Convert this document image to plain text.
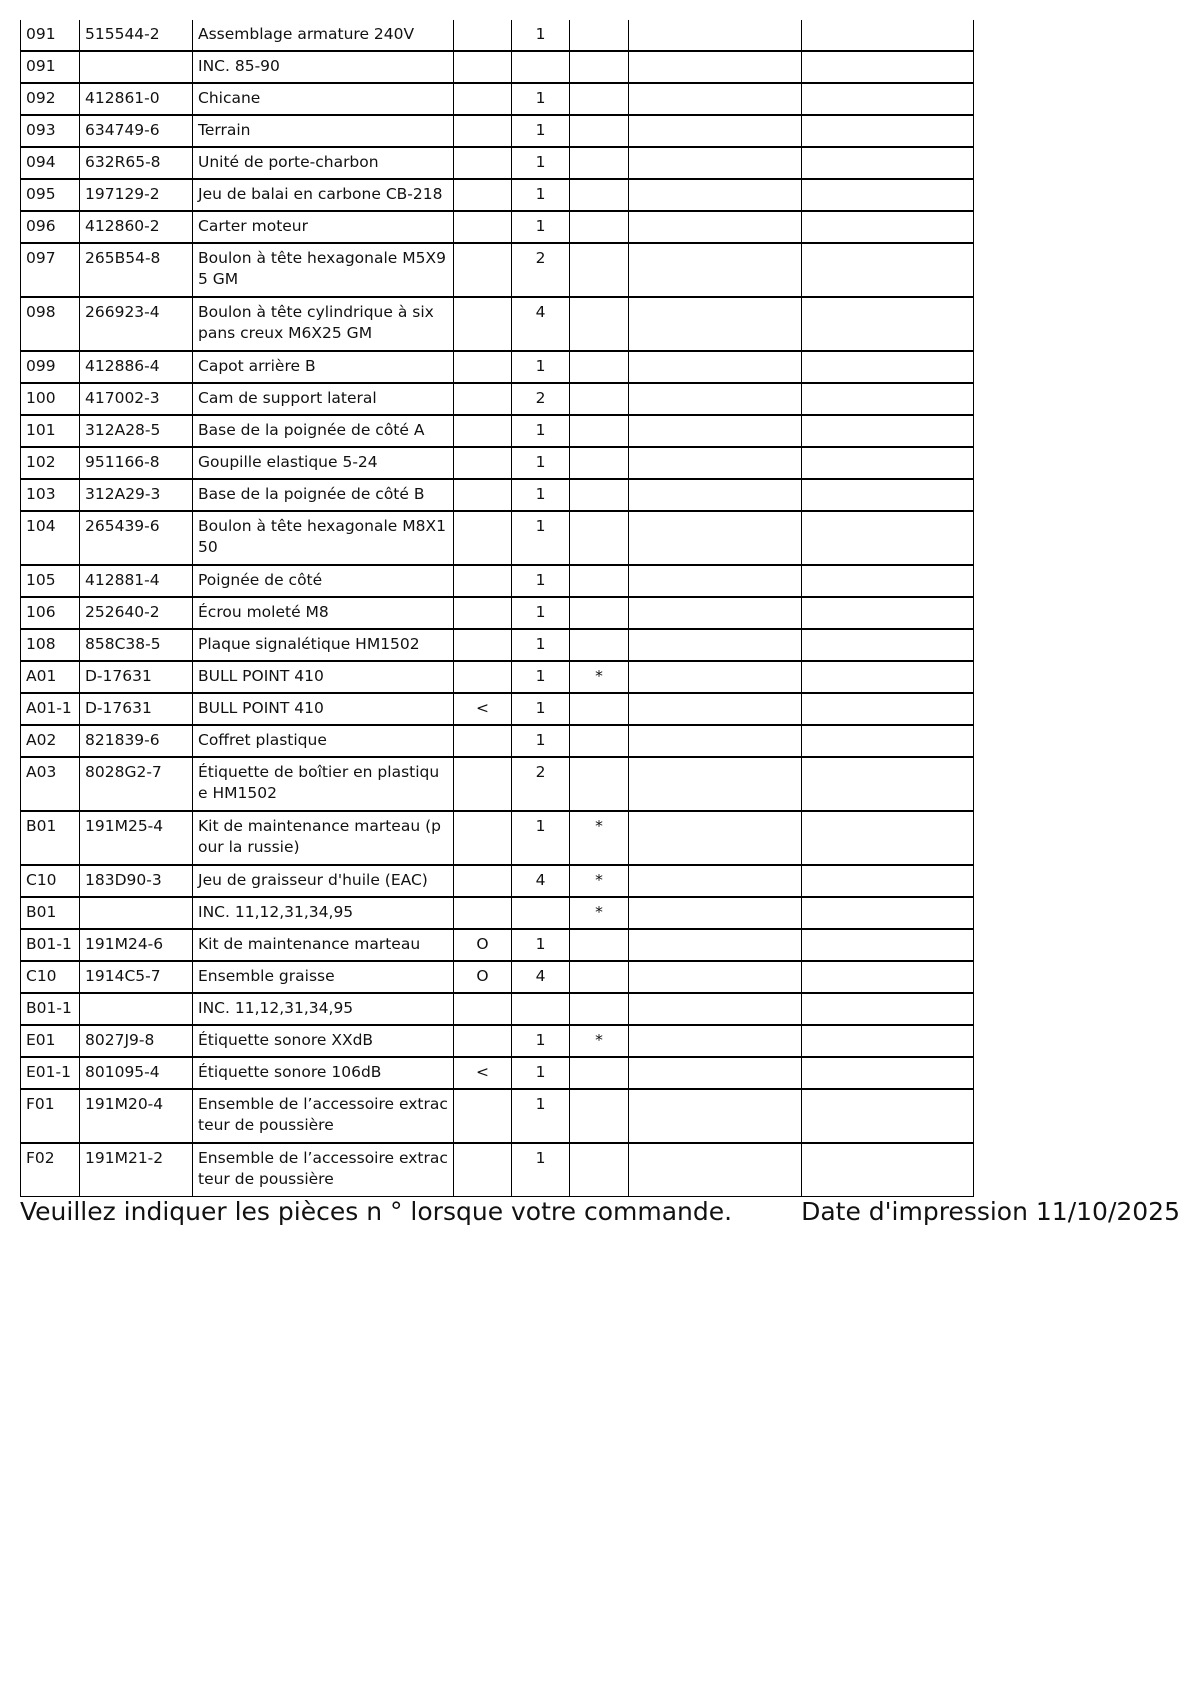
091	515544-2	Assemblage armature 240V		1			
091		INC. 85-90					
092	412861-0	Chicane		1			
093	634749-6	Terrain		1			
094	632R65-8	Unité de porte-charbon		1			
095	197129-2	Jeu de balai en carbone CB-218		1			
096	412860-2	Carter moteur		1			
097	265B54-8	Boulon à tête hexagonale M5X95 GM		2			
098	266923-4	Boulon à tête cylindrique à six pans creux M6X25 GM		4			
099	412886-4	Capot arrière B		1			
100	417002-3	Cam de support lateral		2			
101	312A28-5	Base de la poignée de côté A		1			
102	951166-8	Goupille elastique 5-24		1			
103	312A29-3	Base de la poignée de côté B		1			
104	265439-6	Boulon à tête hexagonale M8X150		1			
105	412881-4	Poignée de côté		1			
106	252640-2	Écrou moleté M8		1			
108	858C38-5	Plaque signalétique HM1502		1			
A01	D-17631	BULL POINT 410		1	*		
A01-1	D-17631	BULL POINT 410	<	1			
A02	821839-6	Coffret plastique		1			
A03	8028G2-7	Étiquette de boîtier en plastique HM1502		2			
B01	191M25-4	Kit de maintenance marteau (pour la russie)		1	*		
C10	183D90-3	Jeu de graisseur d'huile (EAC)		4	*		
B01		INC. 11,12,31,34,95			*		
B01-1	191M24-6	Kit de maintenance marteau	O	1			
C10	1914C5-7	Ensemble graisse	O	4			
B01-1		INC. 11,12,31,34,95					
E01	8027J9-8	Étiquette sonore XXdB		1	*		
E01-1	801095-4	Étiquette sonore 106dB	<	1			
F01	191M20-4	Ensemble de l’accessoire extracteur de poussière		1			
F02	191M21-2	Ensemble de l’accessoire extracteur de poussière		1			
Veuillez indiquer les pièces n ° lorsque votre commande.	Date d'impression 11/10/2025
